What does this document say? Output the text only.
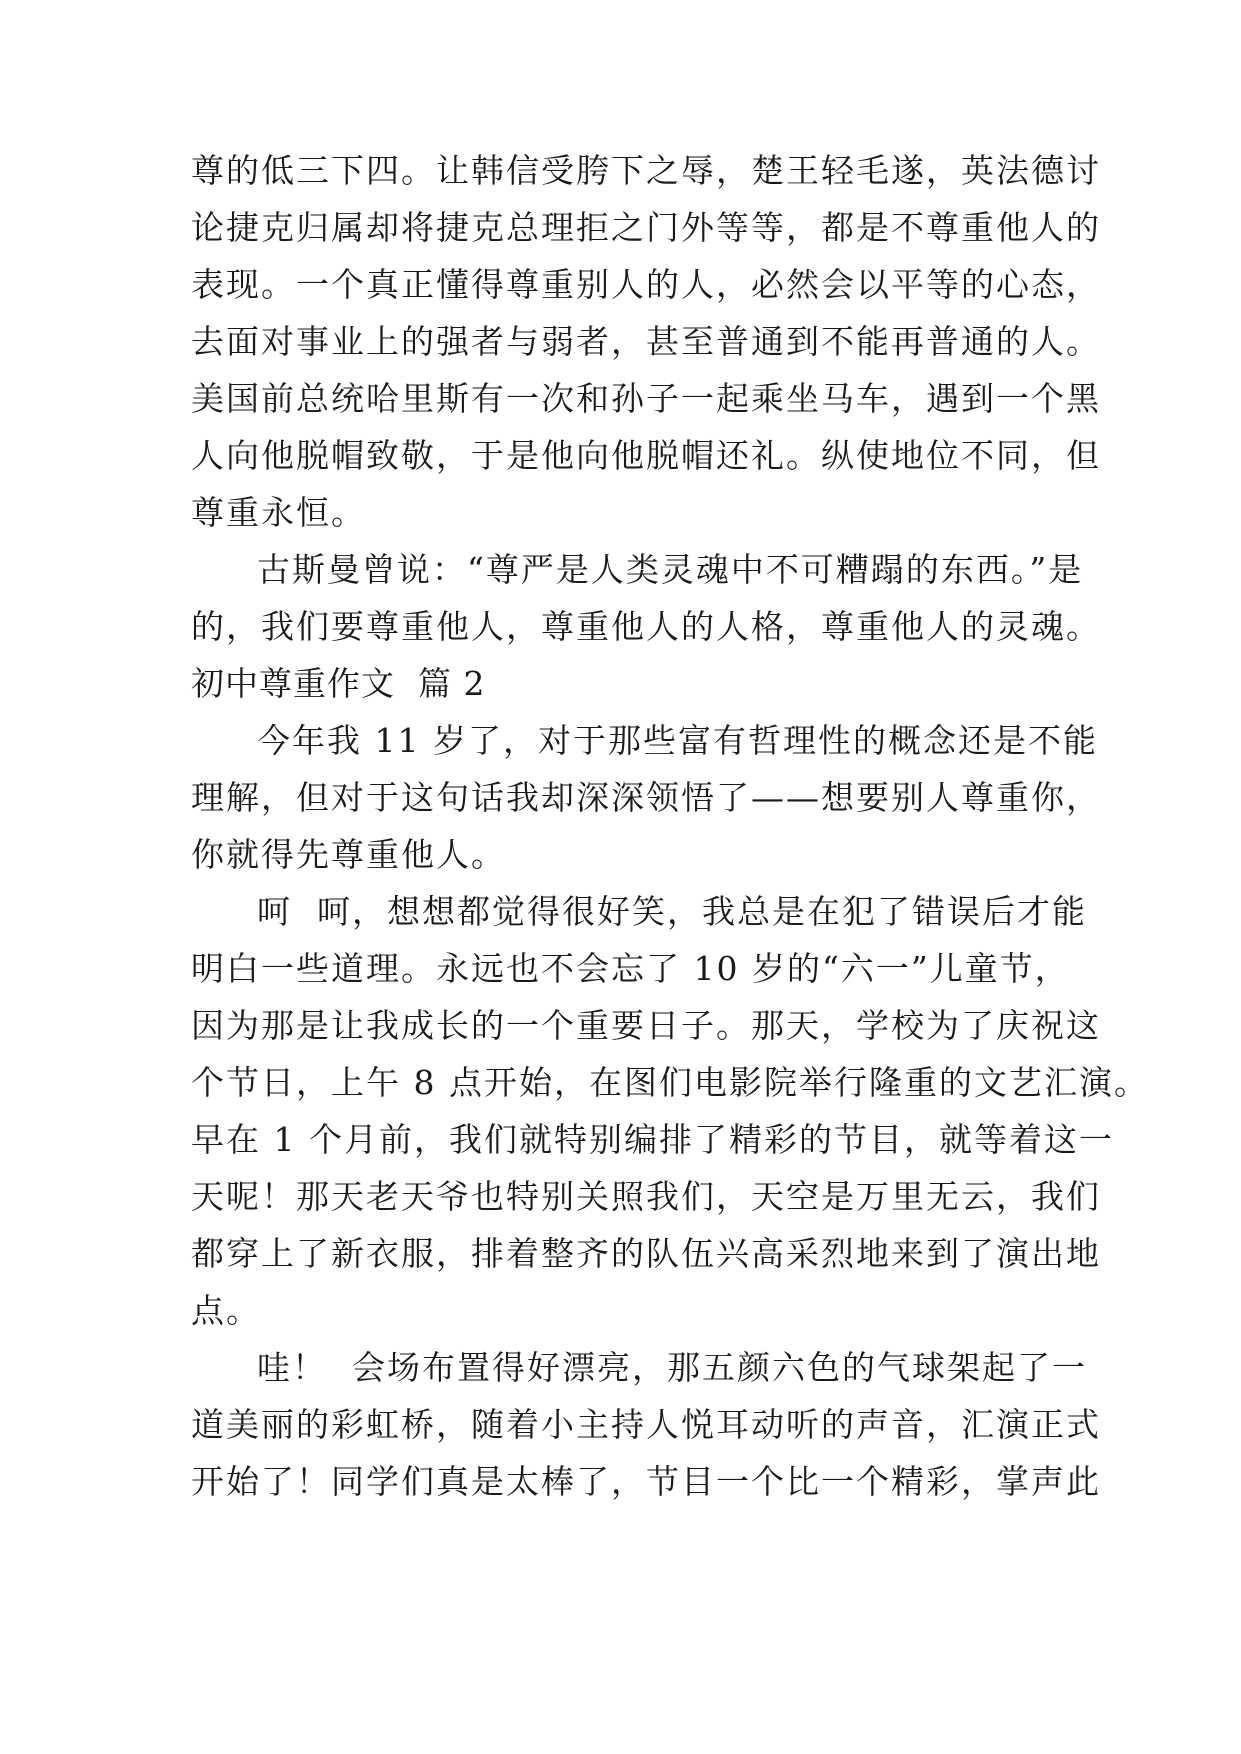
尊的低三下四。让韩信受胯下之辱，楚王轻毛遂，英法德讨
论捷克归属却将捷克总理拒之门外等等，都是不尊重他人的
表现。一个真正懂得尊重别人的人，必然会以平等的心态，
去面对事业上的强者与弱者，甚至普通到不能再普通的人。
美国前总统哈里斯有一次和孙子一起乘坐马车，遇到一个黑
人向他脱帽致敬，于是他向他脱帽还礼。纵使地位不同，但
尊重永恒。
古斯曼曾说：“尊严是人类灵魂中不可糟蹋的东西。”是
的，我们要尊重他人，尊重他人的人格，尊重他人的灵魂。
初中尊重作文  篇 2
今年我 11 岁了，对于那些富有哲理性的概念还是不能
理解，但对于这句话我却深深领悟了——想要别人尊重你，
你就得先尊重他人。
呵  呵，想想都觉得很好笑，我总是在犯了错误后才能
明白一些道理。永远也不会忘了 10 岁的“六一”儿童节，
因为那是让我成长的一个重要日子。那天，学校为了庆祝这
个节日，上午 8 点开始，在图们电影院举行隆重的文艺汇演。
早在 1 个月前，我们就特别编排了精彩的节目，就等着这一
天呢！那天老天爷也特别关照我们，天空是万里无云，我们
都穿上了新衣服，排着整齐的队伍兴高采烈地来到了演出地
点。
哇！  会场布置得好漂亮，那五颜六色的气球架起了一
道美丽的彩虹桥，随着小主持人悦耳动听的声音，汇演正式
开始了！同学们真是太棒了，节目一个比一个精彩，掌声此
